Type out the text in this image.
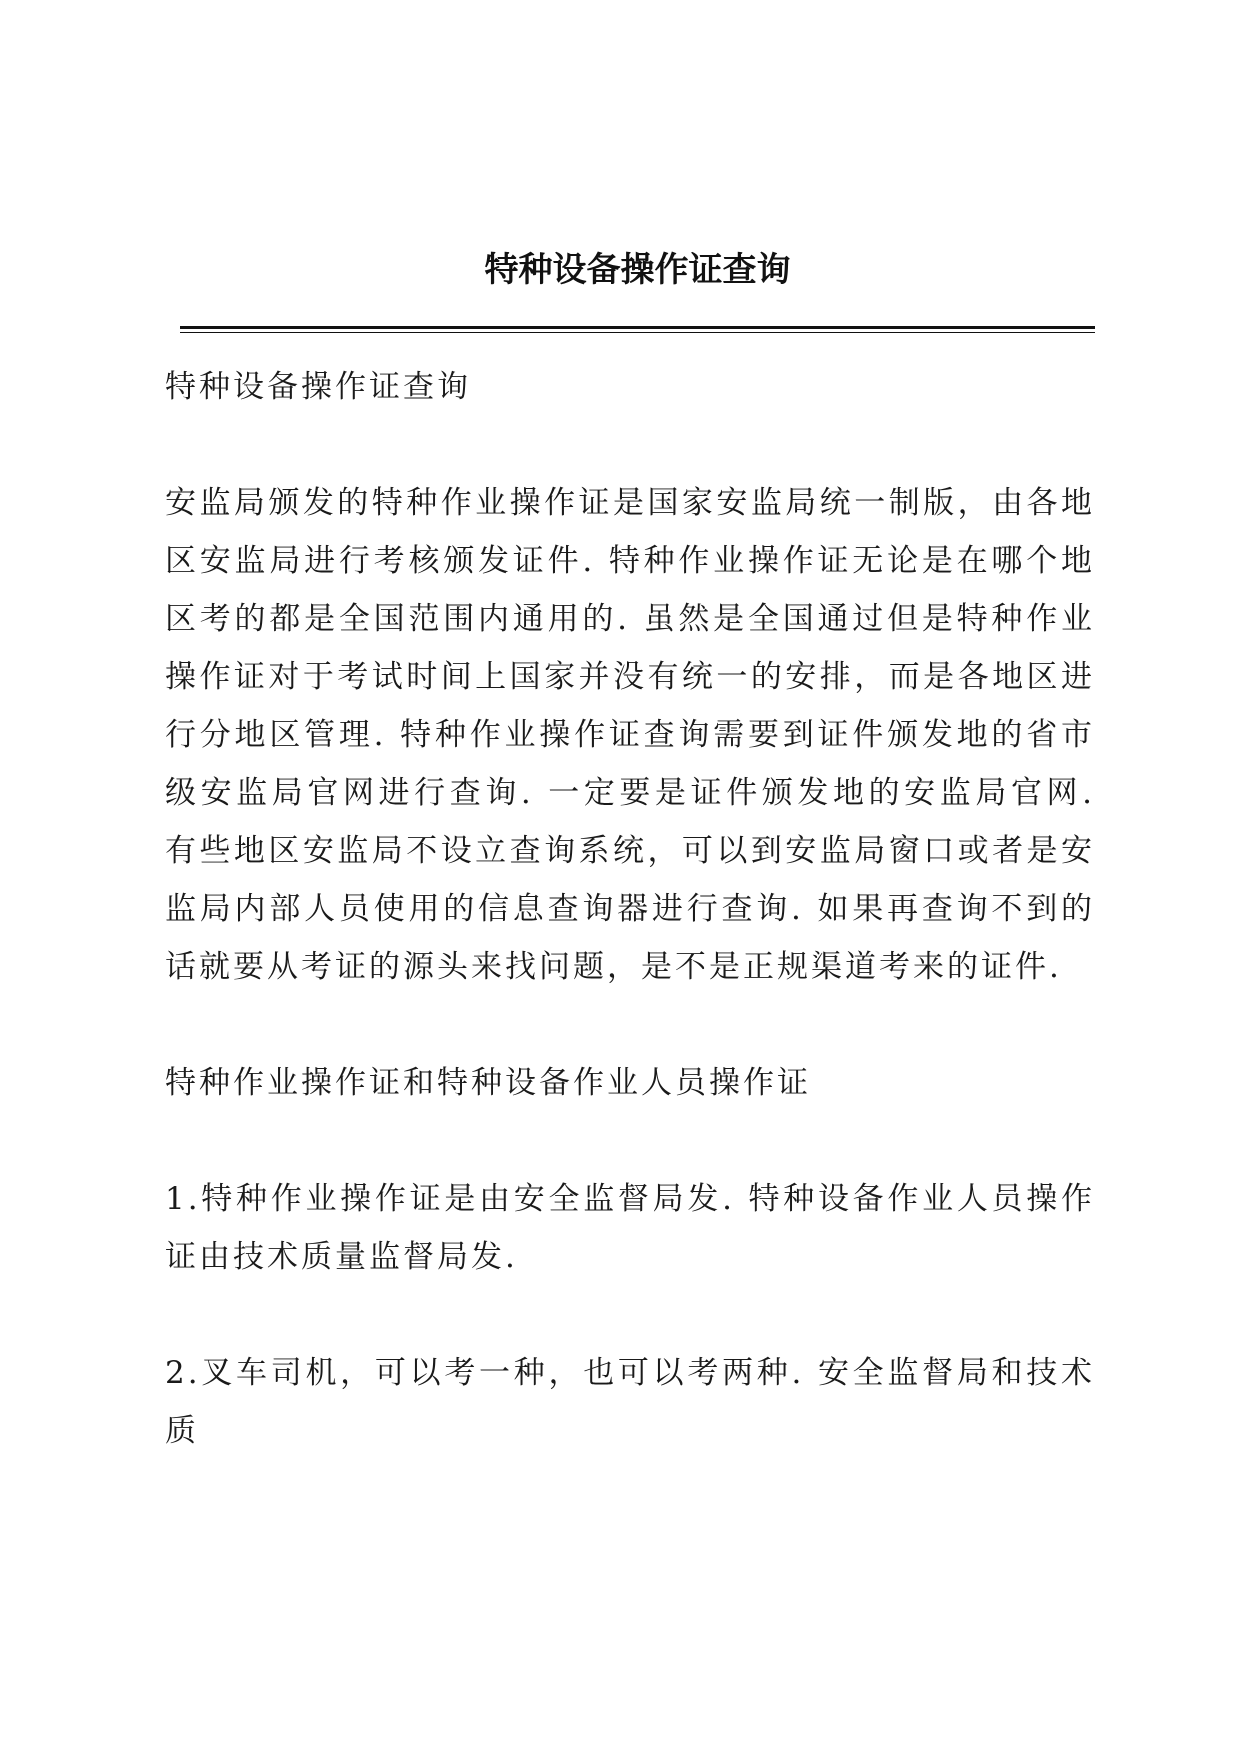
特种设备操作证查询

特种设备操作证查询

安监局颁发的特种作业操作证是国家安监局统一制版，由各地区安监局进行考核颁发证件. 特种作业操作证无论是在哪个地区考的都是全国范围内通用的. 虽然是全国通过但是特种作业操作证对于考试时间上国家并没有统一的安排，而是各地区进行分地区管理. 特种作业操作证查询需要到证件颁发地的省市级安监局官网进行查询. 一定要是证件颁发地的安监局官网. 有些地区安监局不设立查询系统，可以到安监局窗口或者是安监局内部人员使用的信息查询器进行查询. 如果再查询不到的话就要从考证的源头来找问题，是不是正规渠道考来的证件.

特种作业操作证和特种设备作业人员操作证

1.特种作业操作证是由安全监督局发. 特种设备作业人员操作证由技术质量监督局发.

2.叉车司机，可以考一种，也可以考两种. 安全监督局和技术质
